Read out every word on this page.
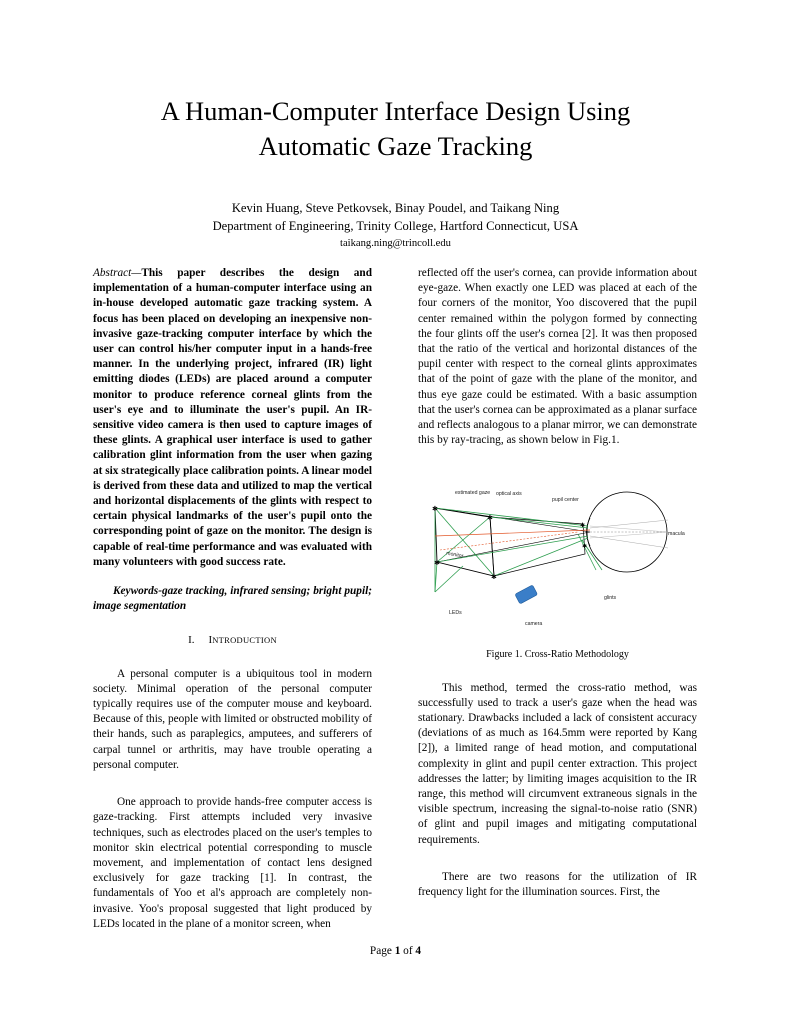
A Human-Computer Interface Design Using
Automatic Gaze Tracking
Kevin Huang, Steve Petkovsek, Binay Poudel, and Taikang Ning
Department of Engineering, Trinity College, Hartford Connecticut, USA
taikang.ning@trincoll.edu

Abstract—This paper describes the design and implementation of a human-computer interface using an in-house developed automatic gaze tracking system. A focus has been placed on developing an inexpensive non-invasive gaze-tracking computer interface by which the user can control his/her computer input in a hands-free manner. In the underlying project, infrared (IR) light emitting diodes (LEDs) are placed around a computer monitor to produce reference corneal glints from the user's eye and to illuminate the user's pupil. An IR-sensitive video camera is then used to capture images of these glints. A graphical user interface is used to gather calibration glint information from the user when gazing at six strategically place calibration points. A linear model is derived from these data and utilized to map the vertical and horizontal displacements of the glints with respect to certain physical landmarks of the user's pupil onto the corresponding point of gaze on the monitor. The design is capable of real-time performance and was evaluated with many volunteers with good success rate.

Keywords-gaze tracking, infrared sensing; bright pupil; image segmentation

I. INTRODUCTION

A personal computer is a ubiquitous tool in modern society. Minimal operation of the personal computer typically requires use of the computer mouse and keyboard. Because of this, people with limited or obstructed mobility of their hands, such as paraplegics, amputees, and sufferers of carpal tunnel or arthritis, may have trouble operating a personal computer.

One approach to provide hands-free computer access is gaze-tracking. First attempts included very invasive techniques, such as electrodes placed on the user's temples to monitor skin electrical potential corresponding to muscle movement, and implementation of contact lens designed exclusively for gaze tracking [1]. In contrast, the fundamentals of Yoo et al's approach are completely non-invasive. Yoo's proposal suggested that light produced by LEDs located in the plane of a monitor screen, when

reflected off the user's cornea, can provide information about eye-gaze. When exactly one LED was placed at each of the four corners of the monitor, Yoo discovered that the pupil center remained within the polygon formed by connecting the four glints off the user's cornea [2]. It was then proposed that the ratio of the vertical and horizontal distances of the pupil center with respect to the corneal glints approximates that of the point of gaze with the plane of the monitor, and thus eye gaze could be estimated. With a basic assumption that the user's cornea can be approximated as a planar surface and reflects analogous to a planar mirror, we can demonstrate this by ray-tracing, as shown below in Fig.1.

✱
✱
✱
✱
✱
✱
estimated gaze optical axis
pupil center
macula
monitor
glints
LEDs
camera

Figure 1. Cross-Ratio Methodology

This method, termed the cross-ratio method, was successfully used to track a user's gaze when the head was stationary. Drawbacks included a lack of consistent accuracy (deviations of as much as 164.5mm were reported by Kang [2]), a limited range of head motion, and computational complexity in glint and pupil center extraction. This project addresses the latter; by limiting images acquisition to the IR range, this method will circumvent extraneous signals in the visible spectrum, increasing the signal-to-noise ratio (SNR) of glint and pupil images and mitigating computational requirements.

There are two reasons for the utilization of IR frequency light for the illumination sources. First, the

Page 1 of 4
